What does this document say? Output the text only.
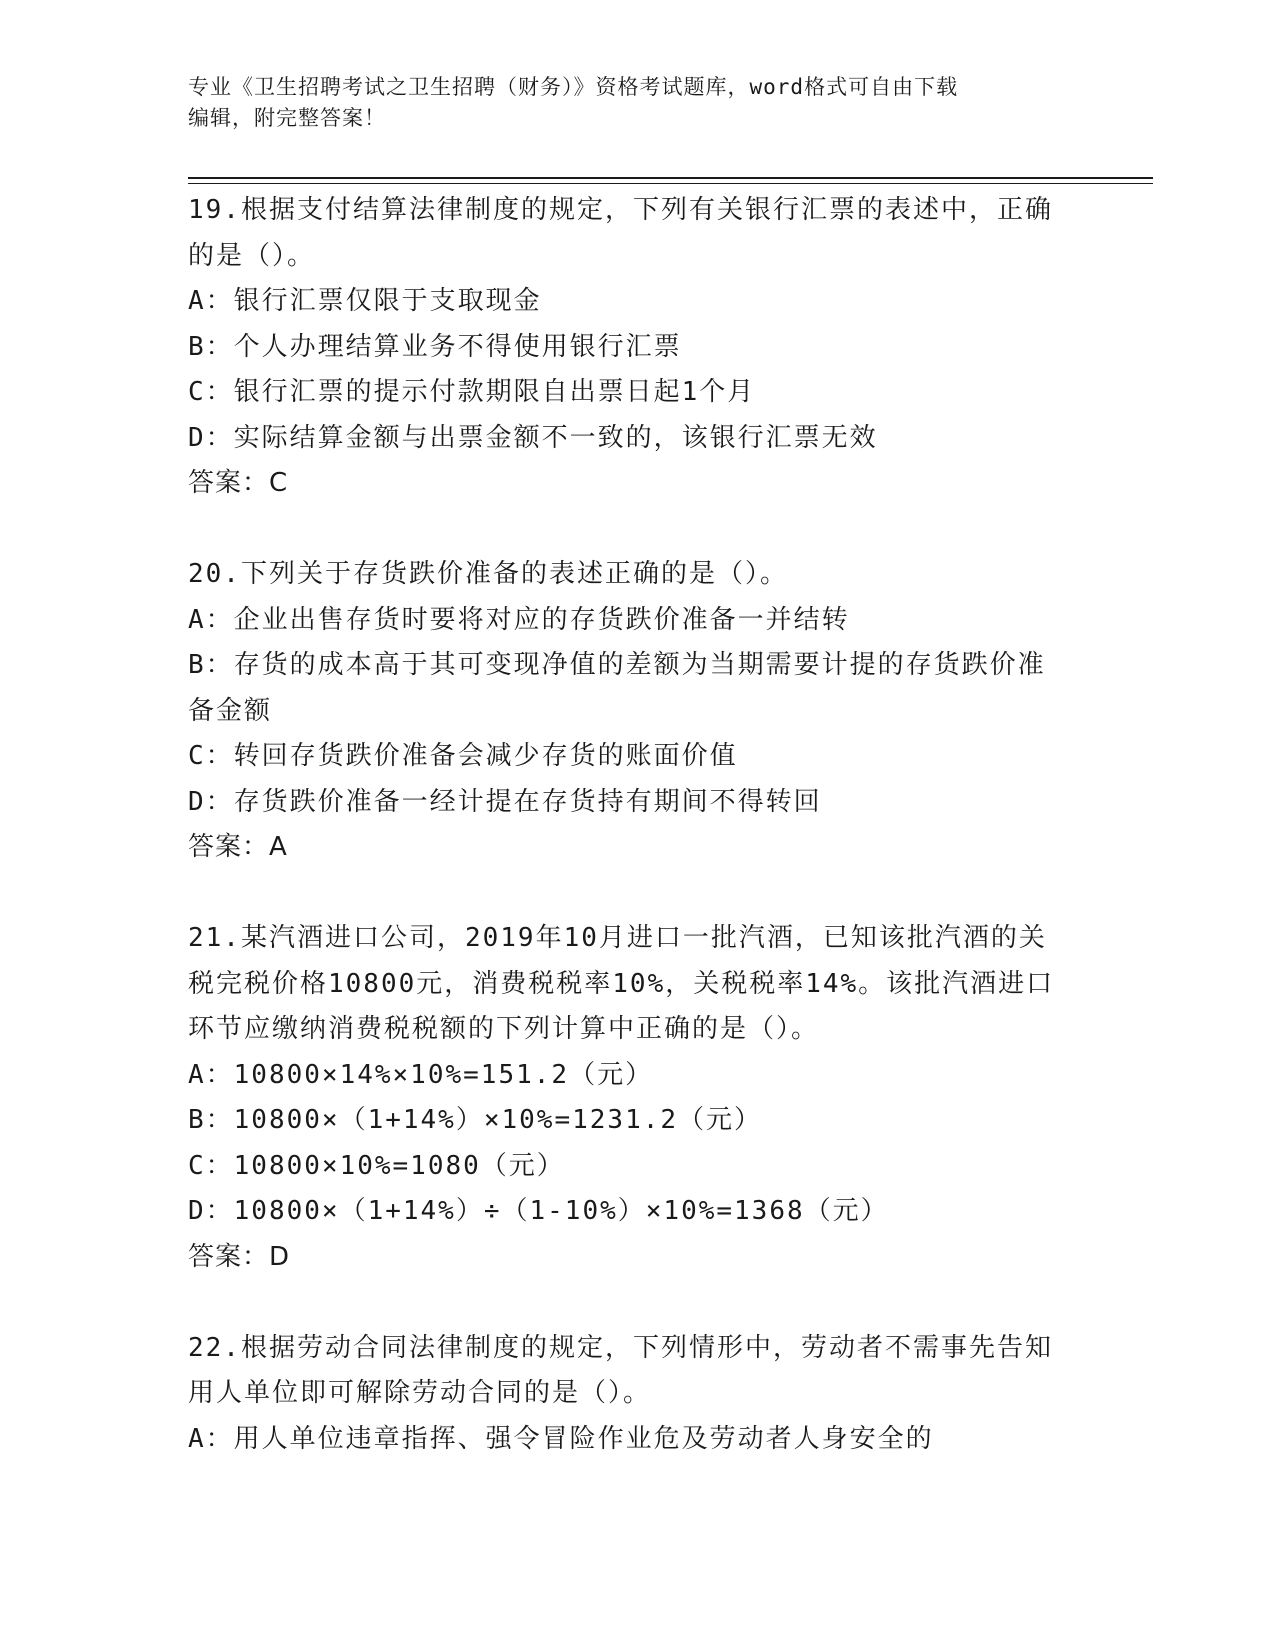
专业《卫生招聘考试之卫生招聘（财务）》资格考试题库，word格式可自由下载
编辑，附完整答案！

19.根据支付结算法律制度的规定，下列有关银行汇票的表述中，正确

的是（）。

A：银行汇票仅限于支取现金

B：个人办理结算业务不得使用银行汇票

C：银行汇票的提示付款期限自出票日起1个月

D：实际结算金额与出票金额不一致的，该银行汇票无效

答案：C

20.下列关于存货跌价准备的表述正确的是（）。

A：企业出售存货时要将对应的存货跌价准备一并结转

B：存货的成本高于其可变现净值的差额为当期需要计提的存货跌价准

备金额

C：转回存货跌价准备会减少存货的账面价值

D：存货跌价准备一经计提在存货持有期间不得转回

答案：A

21.某汽酒进口公司，2019年10月进口一批汽酒，已知该批汽酒的关

税完税价格10800元，消费税税率10%，关税税率14%。该批汽酒进口

环节应缴纳消费税税额的下列计算中正确的是（）。

A：10800×14%×10%=151.2（元）

B：10800×（1+14%）×10%=1231.2（元）

C：10800×10%=1080（元）

D：10800×（1+14%）÷（1-10%）×10%=1368（元）

答案：D

22.根据劳动合同法律制度的规定，下列情形中，劳动者不需事先告知

用人单位即可解除劳动合同的是（）。

A：用人单位违章指挥、强令冒险作业危及劳动者人身安全的
